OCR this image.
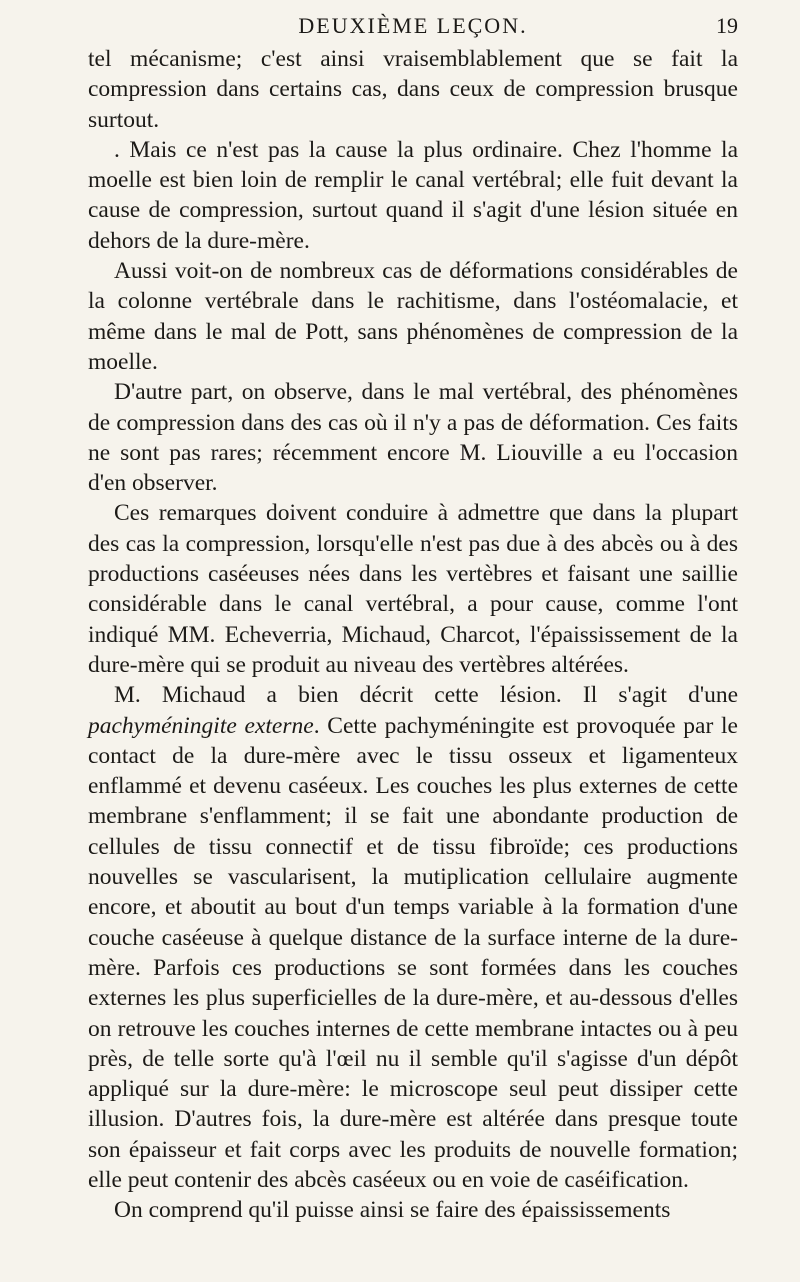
DEUXIÈME LEÇON.	19

tel mécanisme; c'est ainsi vraisemblablement que se fait la compression dans certains cas, dans ceux de compression brusque surtout.

. Mais ce n'est pas la cause la plus ordinaire. Chez l'homme la moelle est bien loin de remplir le canal vertébral; elle fuit devant la cause de compression, surtout quand il s'agit d'une lésion située en dehors de la dure-mère.

Aussi voit-on de nombreux cas de déformations considérables de la colonne vertébrale dans le rachitisme, dans l'ostéomalacie, et même dans le mal de Pott, sans phénomènes de compression de la moelle.

D'autre part, on observe, dans le mal vertébral, des phénomènes de compression dans des cas où il n'y a pas de déformation. Ces faits ne sont pas rares; récemment encore M. Liouville a eu l'occasion d'en observer.

Ces remarques doivent conduire à admettre que dans la plupart des cas la compression, lorsqu'elle n'est pas due à des abcès ou à des productions caséeuses nées dans les vertèbres et faisant une saillie considérable dans le canal vertébral, a pour cause, comme l'ont indiqué MM. Echeverria, Michaud, Charcot, l'épaississement de la dure-mère qui se produit au niveau des vertèbres altérées.

M. Michaud a bien décrit cette lésion. Il s'agit d'une pachyméningite externe. Cette pachyméningite est provoquée par le contact de la dure-mère avec le tissu osseux et ligamenteux enflammé et devenu caséeux. Les couches les plus externes de cette membrane s'enflamment; il se fait une abondante production de cellules de tissu connectif et de tissu fibroïde; ces productions nouvelles se vascularisent, la mutiplication cellulaire augmente encore, et aboutit au bout d'un temps variable à la formation d'une couche caséeuse à quelque distance de la surface interne de la dure-mère. Parfois ces productions se sont formées dans les couches externes les plus superficielles de la dure-mère, et au-dessous d'elles on retrouve les couches internes de cette membrane intactes ou à peu près, de telle sorte qu'à l'œil nu il semble qu'il s'agisse d'un dépôt appliqué sur la dure-mère: le microscope seul peut dissiper cette illusion. D'autres fois, la dure-mère est altérée dans presque toute son épaisseur et fait corps avec les produits de nouvelle formation; elle peut contenir des abcès caséeux ou en voie de caséification.

On comprend qu'il puisse ainsi se faire des épaississements
